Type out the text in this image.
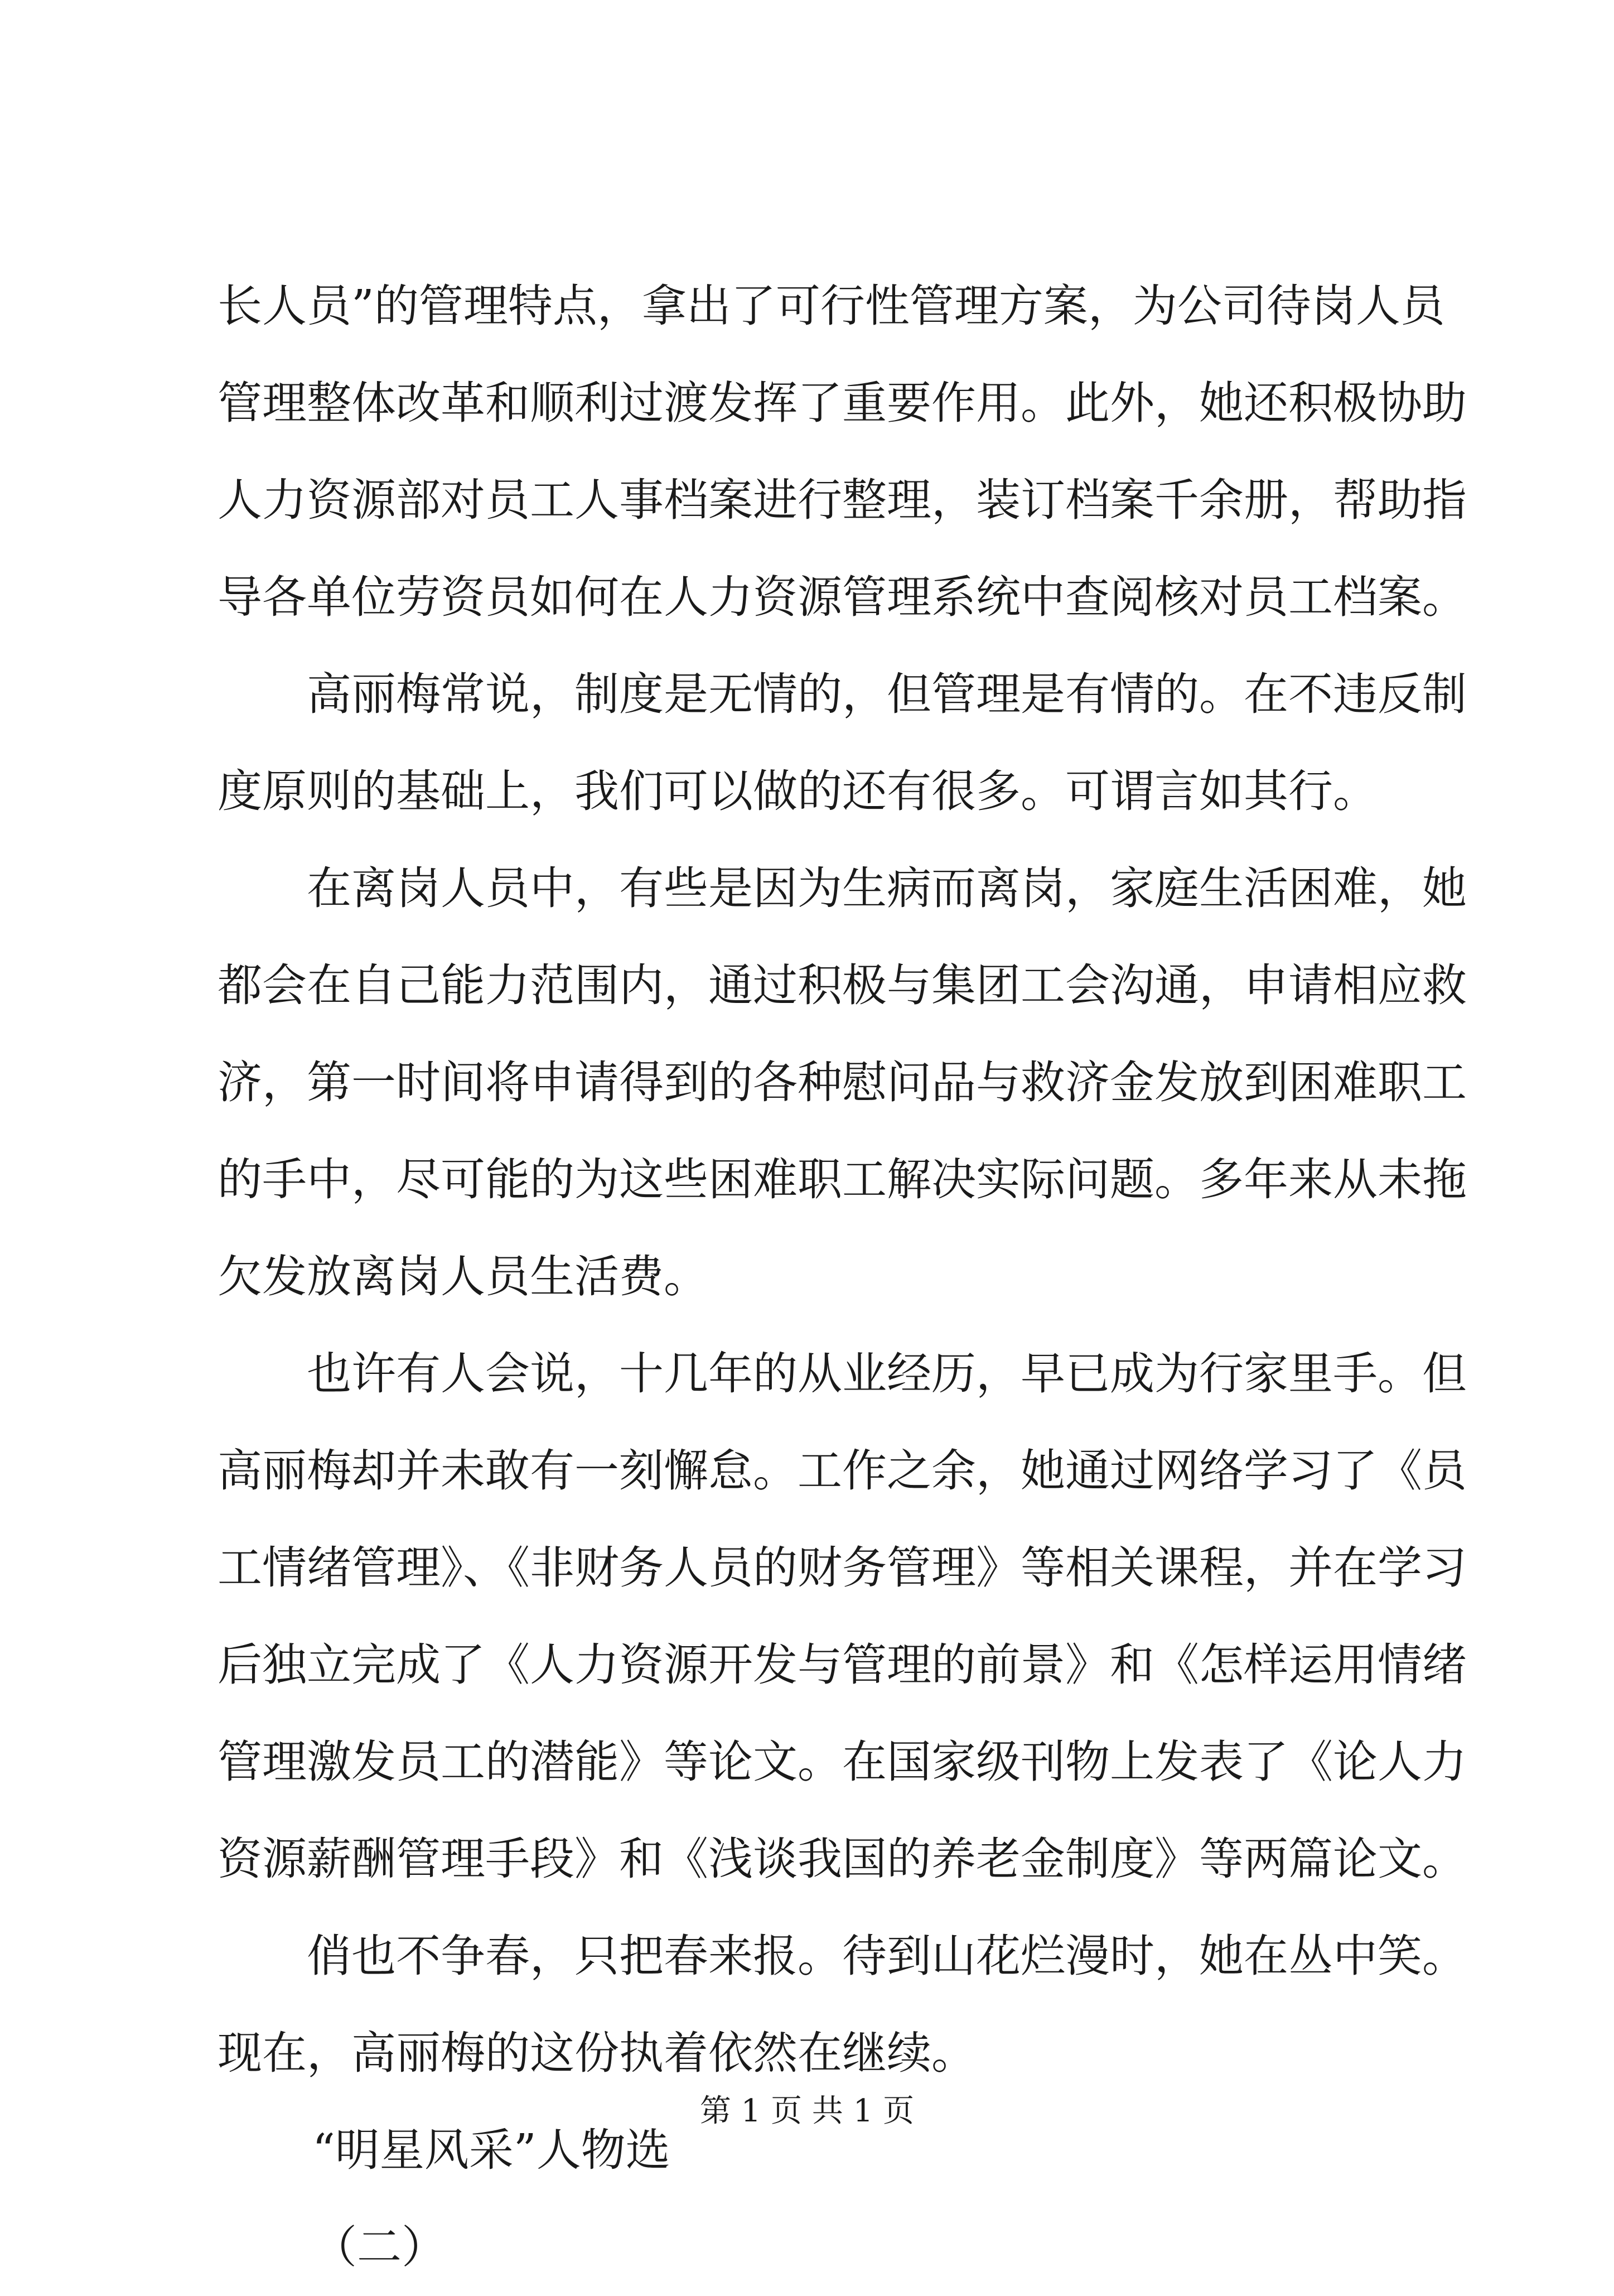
长人员”的管理特点，拿出了可行性管理方案，为公司待岗人员
管理整体改革和顺利过渡发挥了重要作用。此外，她还积极协助
人力资源部对员工人事档案进行整理，装订档案千余册，帮助指
导各单位劳资员如何在人力资源管理系统中查阅核对员工档案。
高丽梅常说，制度是无情的，但管理是有情的。在不违反制
度原则的基础上，我们可以做的还有很多。可谓言如其行。
在离岗人员中，有些是因为生病而离岗，家庭生活困难，她
都会在自己能力范围内，通过积极与集团工会沟通，申请相应救
济，第一时间将申请得到的各种慰问品与救济金发放到困难职工
的手中，尽可能的为这些困难职工解决实际问题。多年来从未拖
欠发放离岗人员生活费。
也许有人会说，十几年的从业经历，早已成为行家里手。但
高丽梅却并未敢有一刻懈怠。工作之余，她通过网络学习了《员
工情绪管理》、《非财务人员的财务管理》等相关课程，并在学习
后独立完成了《人力资源开发与管理的前景》和《怎样运用情绪
管理激发员工的潜能》等论文。在国家级刊物上发表了《论人力
资源薪酬管理手段》和《浅谈我国的养老金制度》等两篇论文。
俏也不争春，只把春来报。待到山花烂漫时，她在丛中笑。
现在，高丽梅的这份执着依然在继续。
“明星风采”人物选
（二）
第 1 页 共 1 页
